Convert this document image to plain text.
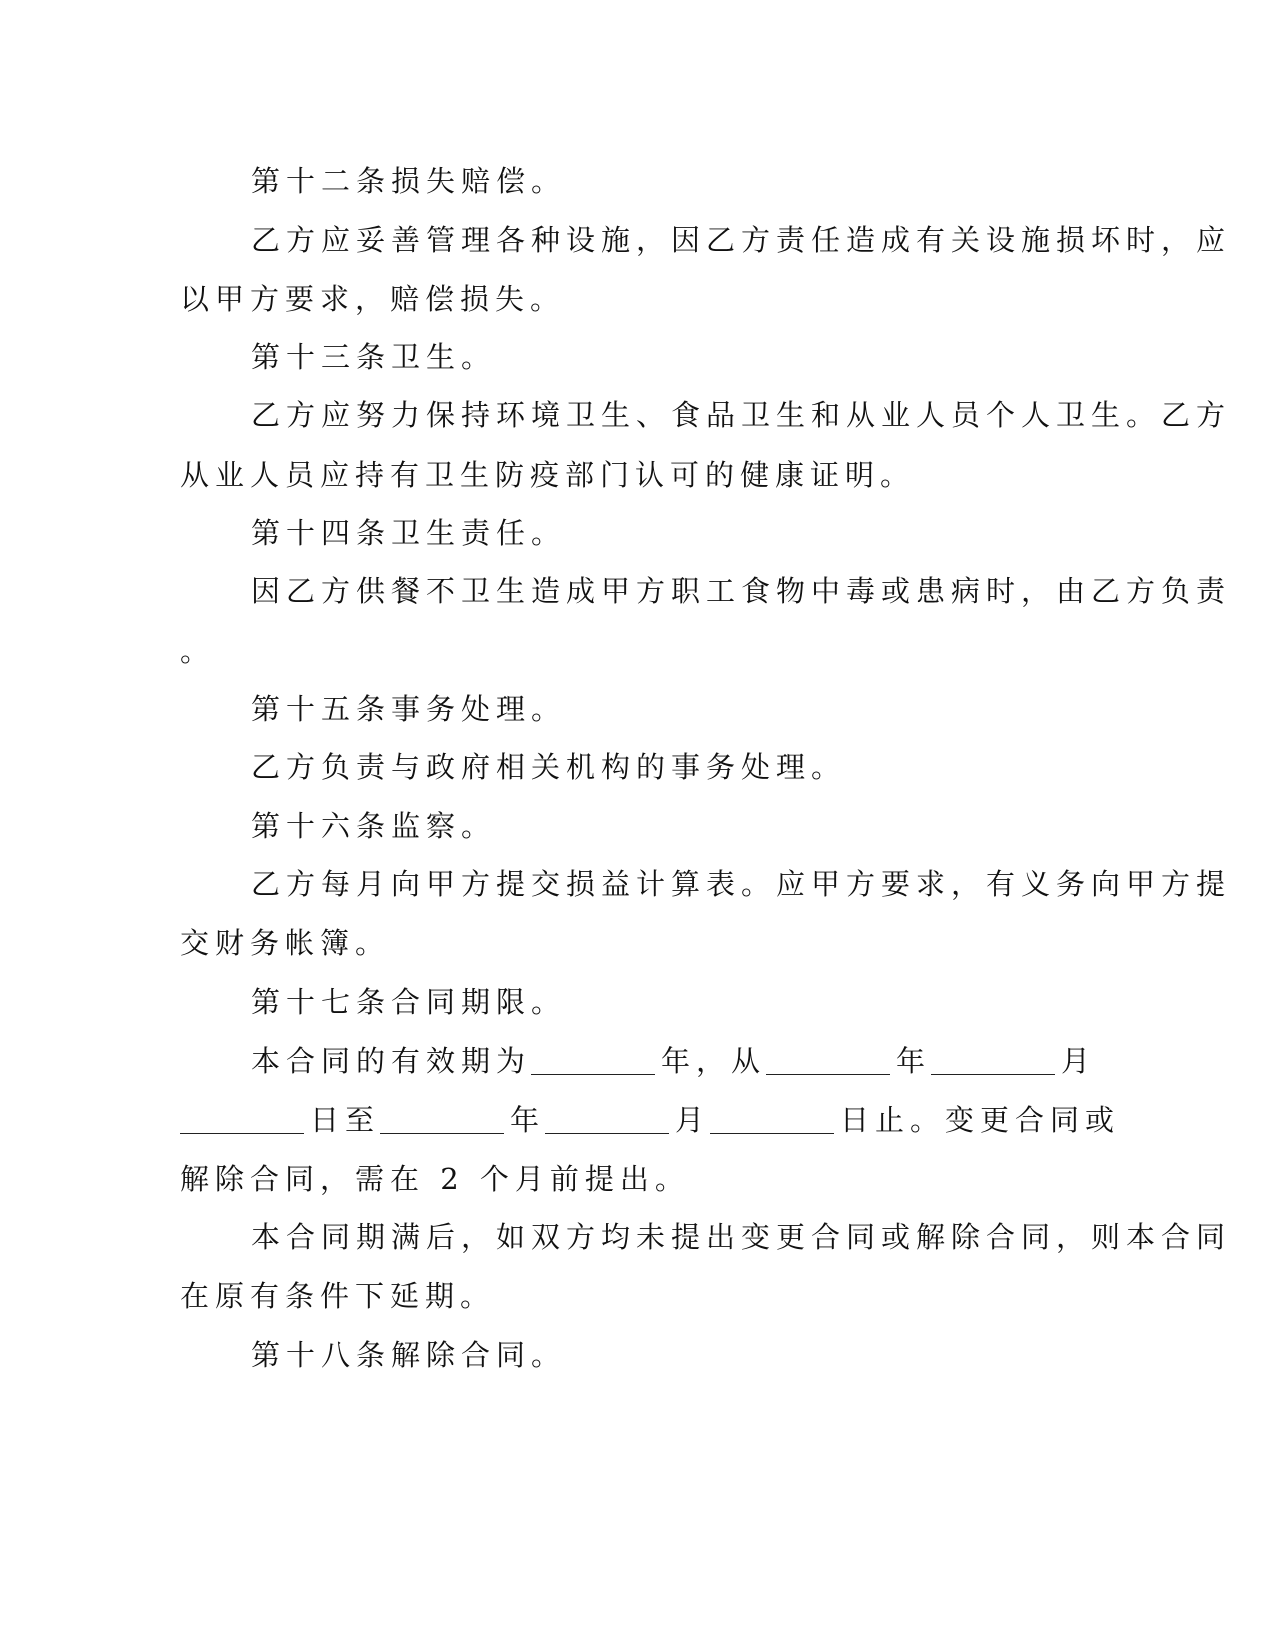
第十二条损失赔偿。
乙方应妥善管理各种设施，因乙方责任造成有关设施损坏时，应
以甲方要求，赔偿损失。
第十三条卫生。
乙方应努力保持环境卫生、食品卫生和从业人员个人卫生。乙方
从业人员应持有卫生防疫部门认可的健康证明。
第十四条卫生责任。
因乙方供餐不卫生造成甲方职工食物中毒或患病时，由乙方负责
。
第十五条事务处理。
乙方负责与政府相关机构的事务处理。
第十六条监察。
乙方每月向甲方提交损益计算表。应甲方要求，有义务向甲方提
交财务帐簿。
第十七条合同期限。
本合同的有效期为	年，从	年	月
日至	年	月	日止。变更合同或
解除合同，需在 2 个月前提出。
本合同期满后，如双方均未提出变更合同或解除合同，则本合同
在原有条件下延期。
第十八条解除合同。
